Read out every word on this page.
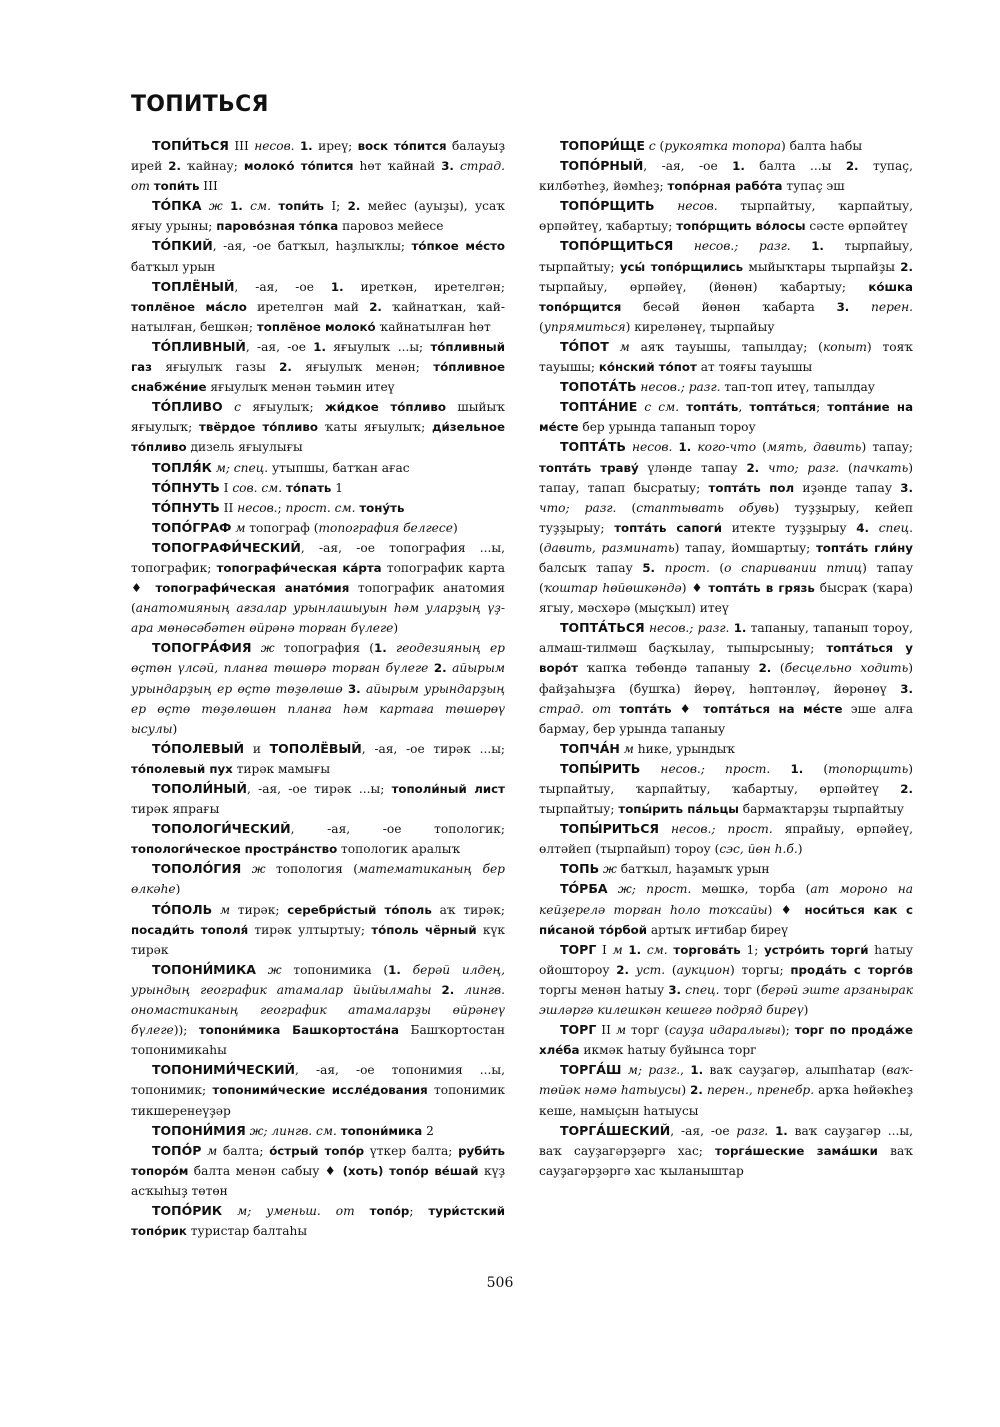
ТОПИТЬСЯ

ТОПИ́ТЬСЯ III несов. 1. иреү; воск то́пится балауыҙ ирей 2. ҡайнау; молоко́ то́пится һөт ҡайнай 3. страд. от топи́ть III

ТО́ПКА ж 1. см. топи́ть I; 2. мейес (ауыҙы), усаҡ яғыу урыны; парово́зная то́пка паровоз мейесе

ТО́ПКИЙ, -ая, -ое батҡыл, һаҙлыҡлы; то́пкое ме́сто батҡыл урын

ТОПЛЁНЫЙ, -ая, -ое 1. иреткән, иретелгән; топлёное ма́сло иретелгән май 2. ҡайнатҡан, ҡайнатылған, бешкән; топлёное молоко́ ҡайнатылған һөт

ТО́ПЛИВНЫЙ, -ая, -ое 1. яғыулыҡ ...ы; то́пливный газ яғыулыҡ газы 2. яғыулыҡ менән; то́пливное снабже́ние яғыулыҡ менән тәьмин итеү

ТО́ПЛИВО с яғыулыҡ; жи́дкое то́пливо шыйыҡ яғыулыҡ; твёрдое то́пливо ҡаты яғыулыҡ; ди́зельное то́пливо дизель яғыулығы

ТОПЛЯ́К м; спец. утыпшы, батҡан ағас

ТО́ПНУТЬ I сов. см. то́пать 1

ТО́ПНУТЬ II несов.; прост. см. тону́ть

ТОПО́ГРАФ м топограф (топография белгесе)

ТОПОГРАФИ́ЧЕСКИЙ, -ая, -ое топография ...ы, топографик; топографи́ческая ка́рта топографик карта ♦ топографи́ческая анато́мия топографик анатомия (анатомияның ағзалар урынлашыуын һәм уларҙың үҙ-ара мөнәсәбәтен өйрәнә торған бүлеге)

ТОПОГРА́ФИЯ ж топография (1. геодезияның ер өҫтөн үлсәй, планға төшөрә торған бүлеге 2. айырым урындарҙың ер өҫтө төҙөлөшө 3. айырым урындарҙың ер өҫтө төҙөлөшөн планға һәм картаға төшөрөү ысулы)

ТО́ПОЛЕВЫЙ и ТОПОЛЁВЫЙ, -ая, -ое тирәк ...ы; то́полевый пух тирәк мамығы

ТОПОЛИ́НЫЙ, -ая, -ое тирәк ...ы; тополи́ный лист тирәк япрағы

ТОПОЛОГИ́ЧЕСКИЙ, -ая, -ое топологик; топологи́ческое простра́нство топологик аралыҡ

ТОПОЛО́ГИЯ ж топология (математиканың бер өлкәһе)

ТО́ПОЛЬ м тирәк; серебри́стый то́поль аҡ тирәк; посади́ть тополя́ тирәк ултыртыу; то́поль чёрный күк тирәк

ТОПОНИ́МИКА ж топонимика (1. берәй илдең, урындың географик атамалар йыйылмаһы 2. лингв. ономастиканың географик атамаларҙы өйрәнеү бүлеге)); топони́мика Башкортоста́на Башҡортостан топонимикаһы

ТОПОНИМИ́ЧЕСКИЙ, -ая, -ое топонимия ...ы, топонимик; топоними́ческие иссле́дования топонимик тикшеренеүҙәр

ТОПОНИ́МИЯ ж; лингв. см. топони́мика 2

ТОПО́Р м балта; о́стрый топо́р үткер балта; руби́ть топоро́м балта менән сабыу ♦ (хоть) топо́р ве́шай күҙ асҡыһыҙ төтөн

ТОПО́РИК м; уменьш. от топо́р; тури́стский топо́рик туристар балтаһы

ТОПОРИ́ЩЕ с (рукоятка топора) балта һабы

ТОПО́РНЫЙ, -ая, -ое 1. балта ...ы 2. тупаҫ, килбәтһеҙ, йәмһеҙ; топо́рная рабо́та тупаҫ эш

ТОПО́РЩИТЬ несов. тырпайтыу, ҡарпайтыу, өрпәйтеү, ҡабартыу; топо́рщить во́лосы сәсте өрпәйтеү

ТОПО́РЩИТЬСЯ несов.; разг. 1. тырпайыу, тырпайтыу; усы́ топо́рщились мыйыҡтары тырпайҙы 2. тырпайыу, өрпәйеү, (йөнөн) ҡабартыу; ко́шка топо́рщится бесәй йөнөн ҡабарта 3. перен. (упрямиться) киреләнеү, тырпайыу

ТО́ПОТ м аяҡ тауышы, тапылдау; (копыт) тояҡ тауышы; ко́нский то́пот ат тояғы тауышы

ТОПОТА́ТЬ несов.; разг. тап-топ итеү, тапылдау

ТОПТА́НИЕ с см. топта́ть, топта́ться; топта́ние на ме́сте бер урында тапанып тороу

ТОПТА́ТЬ несов. 1. кого-что (мять, давить) тапау; топта́ть траву́ үләнде тапау 2. что; разг. (пачкать) тапау, тапап бысратыу; топта́ть пол иҙәнде тапау 3. что; разг. (стаптывать обувь) туҙҙырыу, кейеп туҙҙырыу; топта́ть сапоги́ итекте туҙҙырыу 4. спец. (давить, разминать) тапау, йомшартыу; топта́ть гли́ну балсыҡ тапау 5. прост. (о спаривании птиц) тапау (ҡоштар һөйөшкәндә) ♦ топта́ть в грязь бысраҡ (ҡара) ягыу, мәсхәрә (мыҫҡыл) итеү

ТОПТА́ТЬСЯ несов.; разг. 1. тапаныу, тапанып тороу, алмаш-тилмәш баҫҡылау, тыпырсыныу; топта́ться у воро́т ҡапҡа төбөндә тапаныу 2. (бесцельно ходить) файҙаһыҙға (бушҡа) йөрөү, һәптәнләү, йөрөнөү 3. страд. от топта́ть ♦ топта́ться на ме́сте эше алға бармау, бер урында тапаныу

ТОПЧА́Н м һике, урындыҡ

ТОПЫ́РИТЬ несов.; прост. 1. (топорщить) тырпайтыу, ҡарпайтыу, ҡабартыу, өрпәйтеү 2. тырпайтыу; топы́рить па́льцы бармаҡтарҙы тырпайтыу

ТОПЫ́РИТЬСЯ несов.; прост. япрайыу, өрпәйеү, өлтәйеп (тырпайып) тороу (сэс, йөн һ.б.)

ТОПЬ ж батҡыл, һаҙамыҡ урын

ТО́РБА ж; прост. мөшкә, торба (ат мороно на кейҙерелә торған һоло тоҡсайы) ♦ носи́ться как с пи́саной то́рбой артыҡ иғтибар биреү

ТОРГ I м 1. см. торгова́ть 1; устро́ить торги́ һатыу ойоштороу 2. уст. (аукцион) торгы; прода́ть с торго́в торгы менән һатыу 3. спец. торг (берәй эште арзанырак эшләргә килешкән кешегә подряд биреү)

ТОРГ II м торг (сауҙа идаралығы); торг по прода́же хле́ба икмәк һатыу буйынса торг

ТОРГА́Ш м; разг., 1. ваҡ сауҙагәр, алыпһатар (ваҡ-төйәк нәмә һатыусы) 2. перен., пренебр. арҡа һөйәкһеҙ кеше, намыҫын һатыусы

ТОРГА́ШЕСКИЙ, -ая, -ое разг. 1. ваҡ сауҙагәр ...ы, ваҡ сауҙагәрҙәргә хас; торга́шеские зама́шки ваҡ сауҙагәрҙәргә хас ҡыланыштар

506
